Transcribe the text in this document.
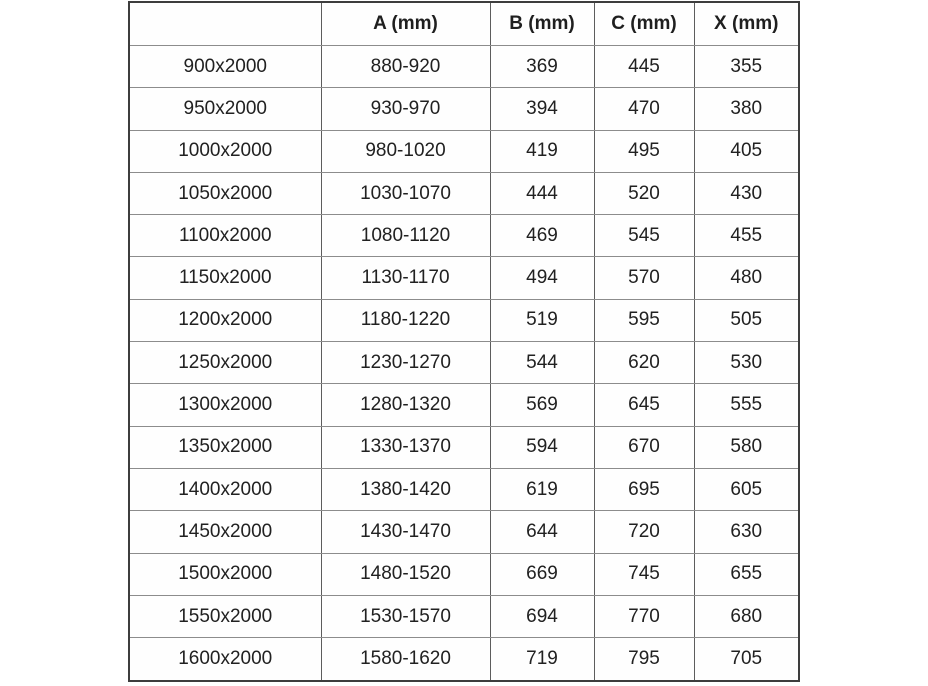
	A (mm)	B (mm)	C (mm)	X (mm)
900x2000	880-920	369	445	355
950x2000	930-970	394	470	380
1000x2000	980-1020	419	495	405
1050x2000	1030-1070	444	520	430
1100x2000	1080-1120	469	545	455
1150x2000	1130-1170	494	570	480
1200x2000	1180-1220	519	595	505
1250x2000	1230-1270	544	620	530
1300x2000	1280-1320	569	645	555
1350x2000	1330-1370	594	670	580
1400x2000	1380-1420	619	695	605
1450x2000	1430-1470	644	720	630
1500x2000	1480-1520	669	745	655
1550x2000	1530-1570	694	770	680
1600x2000	1580-1620	719	795	705
